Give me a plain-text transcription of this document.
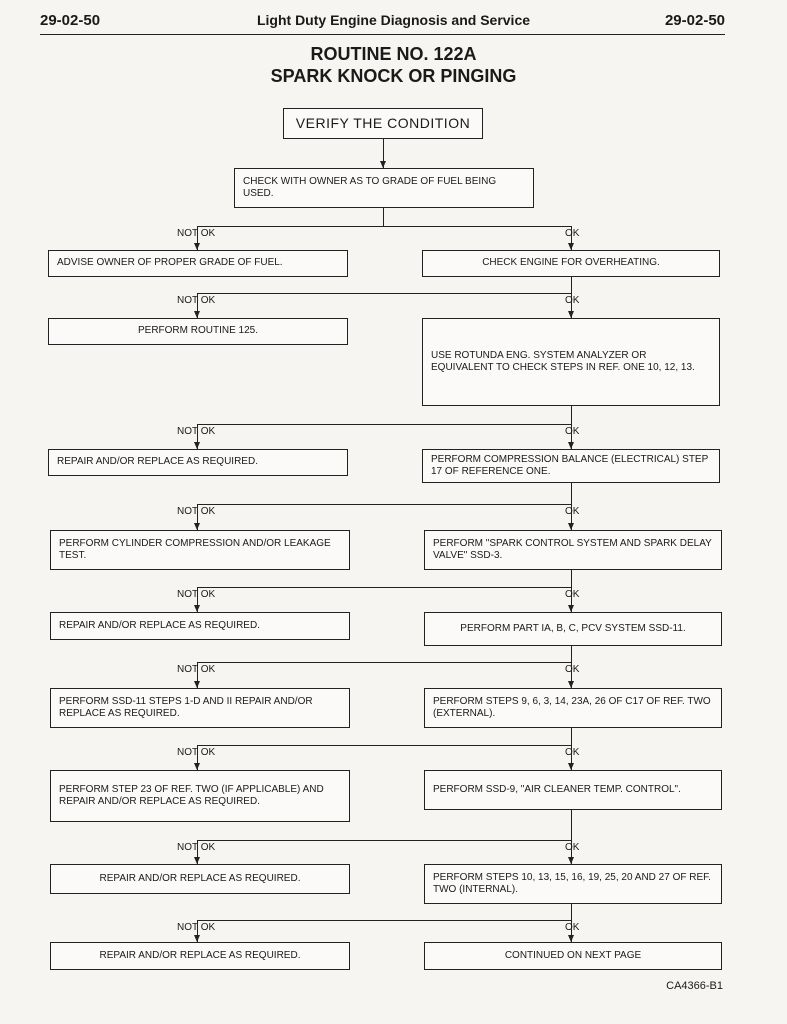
29-02-50	Light Duty Engine Diagnosis and Service	29-02-50
ROUTINE NO. 122A
SPARK KNOCK OR PINGING
VERIFY THE CONDITION
CHECK WITH OWNER AS TO GRADE OF FUEL BEING USED.
NOT OK	OK
ADVISE OWNER OF PROPER GRADE OF FUEL.	CHECK ENGINE FOR OVERHEATING.
NOT OK	OK
PERFORM ROUTINE 125.
USE ROTUNDA ENG. SYSTEM ANALYZER OR EQUIVALENT TO CHECK STEPS IN REF. ONE 10, 12, 13.
NOT OK	OK
REPAIR AND/OR REPLACE AS REQUIRED.	PERFORM COMPRESSION BALANCE (ELECTRICAL) STEP 17 OF REFERENCE ONE.
NOT OK	OK
PERFORM CYLINDER COMPRESSION AND/OR LEAKAGE TEST.
PERFORM "SPARK CONTROL SYSTEM AND SPARK DELAY VALVE" SSD-3.
NOT OK	OK
REPAIR AND/OR REPLACE AS REQUIRED.	PERFORM PART IA, B, C, PCV SYSTEM SSD-11.
NOT OK	OK
PERFORM SSD-11 STEPS 1-D AND II REPAIR AND/OR REPLACE AS REQUIRED.
PERFORM STEPS 9, 6, 3, 14, 23A, 26 OF C17 OF REF. TWO (EXTERNAL).
NOT OK	OK
PERFORM STEP 23 OF REF. TWO (IF APPLICABLE) AND REPAIR AND/OR REPLACE AS REQUIRED.
PERFORM SSD-9, "AIR CLEANER TEMP. CONTROL".
NOT OK	OK
REPAIR AND/OR REPLACE AS REQUIRED.	PERFORM STEPS 10, 13, 15, 16, 19, 25, 20 AND 27 OF REF. TWO (INTERNAL).
NOT OK	OK
REPAIR AND/OR REPLACE AS REQUIRED.	CONTINUED ON NEXT PAGE
CA4366-B1
